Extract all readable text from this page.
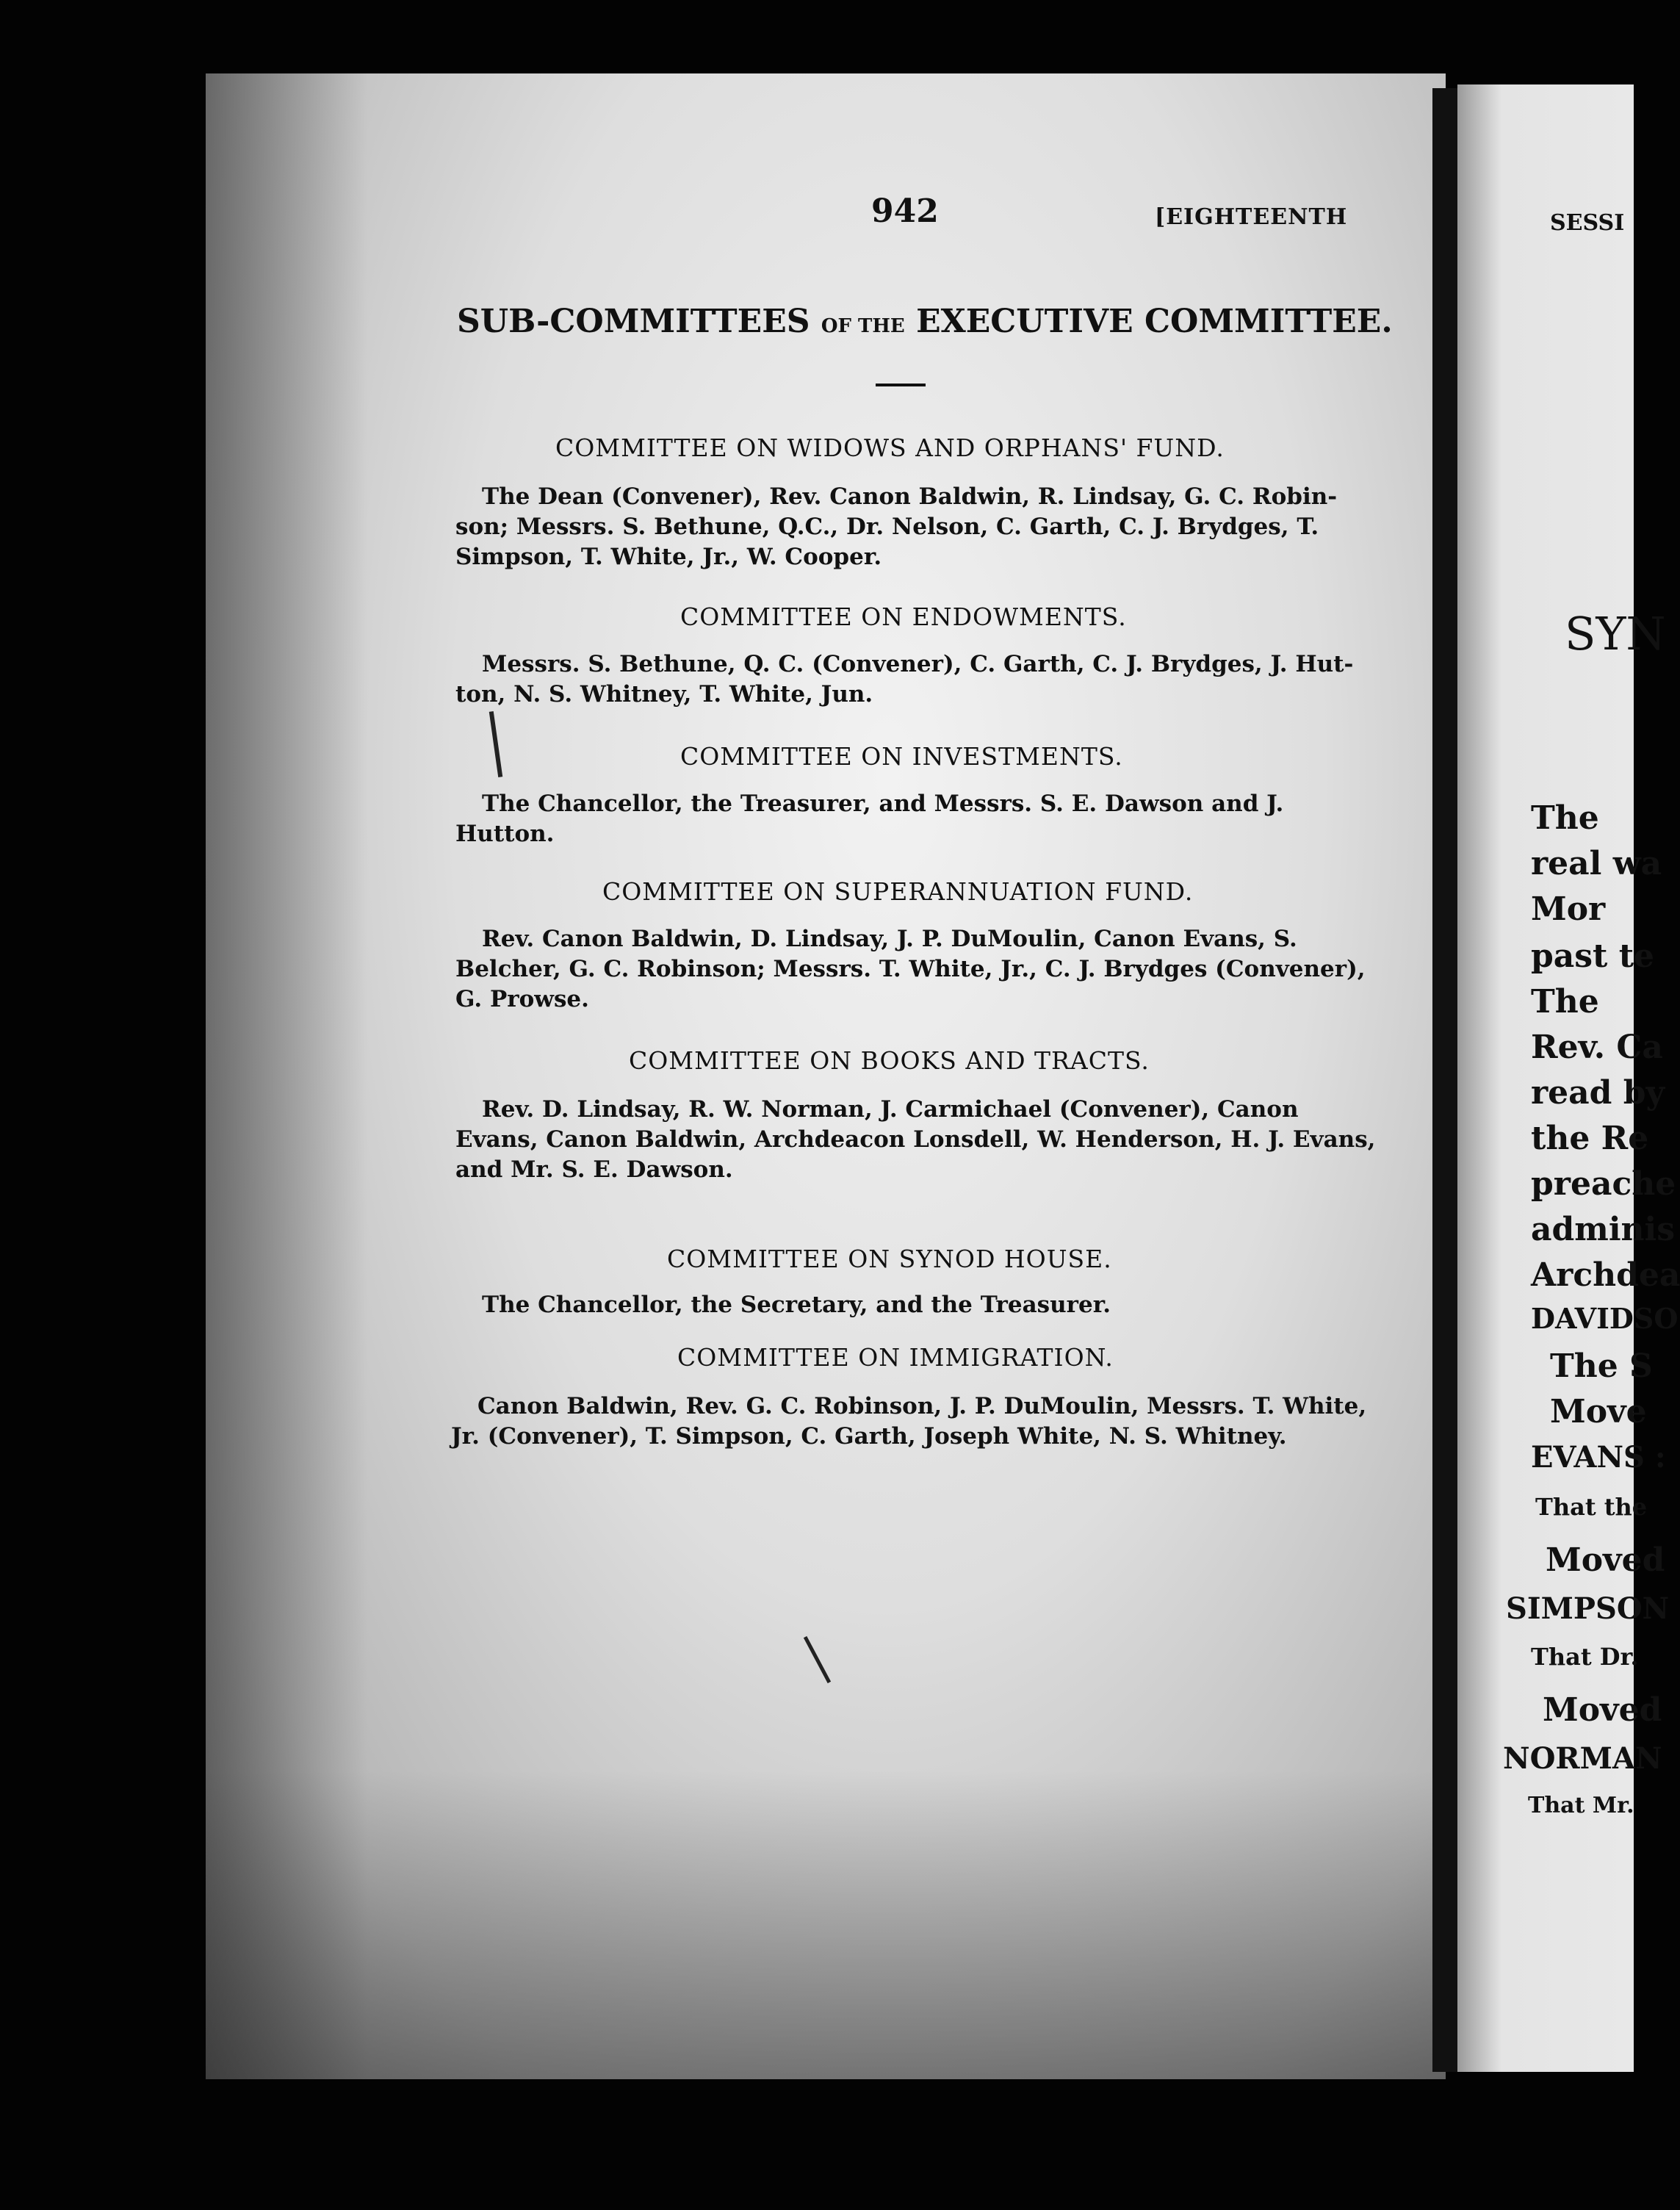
942	[EIGHTEENTH
SUB-COMMITTEES OF THE EXECUTIVE COMMITTEE.
COMMITTEE ON WIDOWS AND ORPHANS' FUND.
The Dean (Convener), Rev. Canon Baldwin, R. Lindsay, G. C. Robin-
son; Messrs. S. Bethune, Q.C., Dr. Nelson, C. Garth, C. J. Brydges, T.
Simpson, T. White, Jr., W. Cooper.
COMMITTEE ON ENDOWMENTS.
Messrs. S. Bethune, Q. C. (Convener), C. Garth, C. J. Brydges, J. Hut-
ton, N. S. Whitney, T. White, Jun.
COMMITTEE ON INVESTMENTS.
The Chancellor, the Treasurer, and Messrs. S. E. Dawson and J.
Hutton.
COMMITTEE ON SUPERANNUATION FUND.
Rev. Canon Baldwin, D. Lindsay, J. P. DuMoulin, Canon Evans, S.
Belcher, G. C. Robinson; Messrs. T. White, Jr., C. J. Brydges (Convener),
G. Prowse.
COMMITTEE ON BOOKS AND TRACTS.
Rev. D. Lindsay, R. W. Norman, J. Carmichael (Convener), Canon
Evans, Canon Baldwin, Archdeacon Lonsdell, W. Henderson, H. J. Evans,
and Mr. S. E. Dawson.
COMMITTEE ON SYNOD HOUSE.
The Chancellor, the Secretary, and the Treasurer.
COMMITTEE ON IMMIGRATION.
Canon Baldwin, Rev. G. C. Robinson, J. P. DuMoulin, Messrs. T. White,
Jr. (Convener), T. Simpson, C. Garth, Joseph White, N. S. Whitney.
SESSI
SYN
The
real wa
Mor
past te
The
Rev. Ca
read by
the Re
preache
adminis
Archdea
DAVIDSO
The S
Move
EVANS :
That the
Moved
SIMPSON
That Dr.
Moved
NORMAN
That Mr.
